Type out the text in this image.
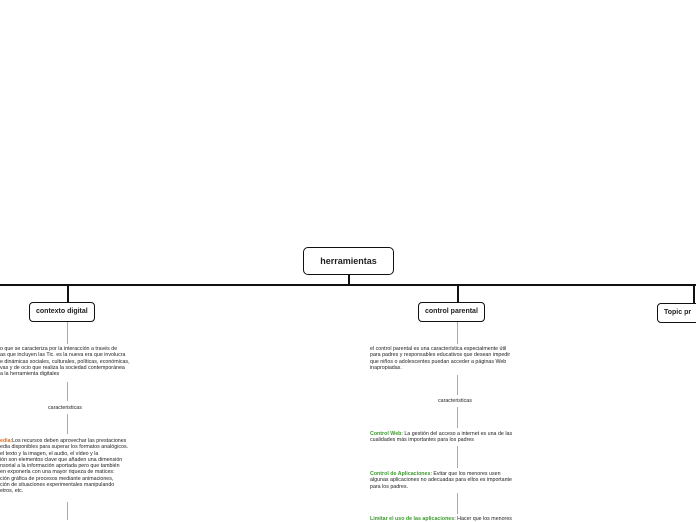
herramientas
contexto digital	control parental	Topic pr
o que se caracteriza por la interacción a través de
as que incluyen las Tic. es la nueva era que involucra
e dinámicas sociales, culturales, políticas, económicas,
vas y de ocio que realiza la sociedad contemporánea
a la herramienta digitales
caracteristicas
edia:Los recursos deben aprovechar las prestaciones
edia disponibles para superar los formatos analógicos.
el texto y la imagen, el audio, el vídeo y la
ión son elementos clave que añaden una dimensión
nsorial a la información aportada pero que también
en exponerla con una mayor riqueza de matices:
ción gráfica de procesos mediante animaciones,
ción de situaciones experimentales manipulando
etros, etc.
el control parental es una característica especialmente útil
para padres y responsables educativos que desean impedir
que niños o adolescentes puedan acceder a páginas Web
inapropiadas.
caracteristicas
Control Web: La gestión del acceso a internet es una de las
cualidades más importantes para los padres
Control de Aplicaciones: Evitar que los menores usen
algunas aplicaciones no adecuadas para ellos es importante
para los padres.
Limitar el uso de las aplicaciones: Hacer que los menores
